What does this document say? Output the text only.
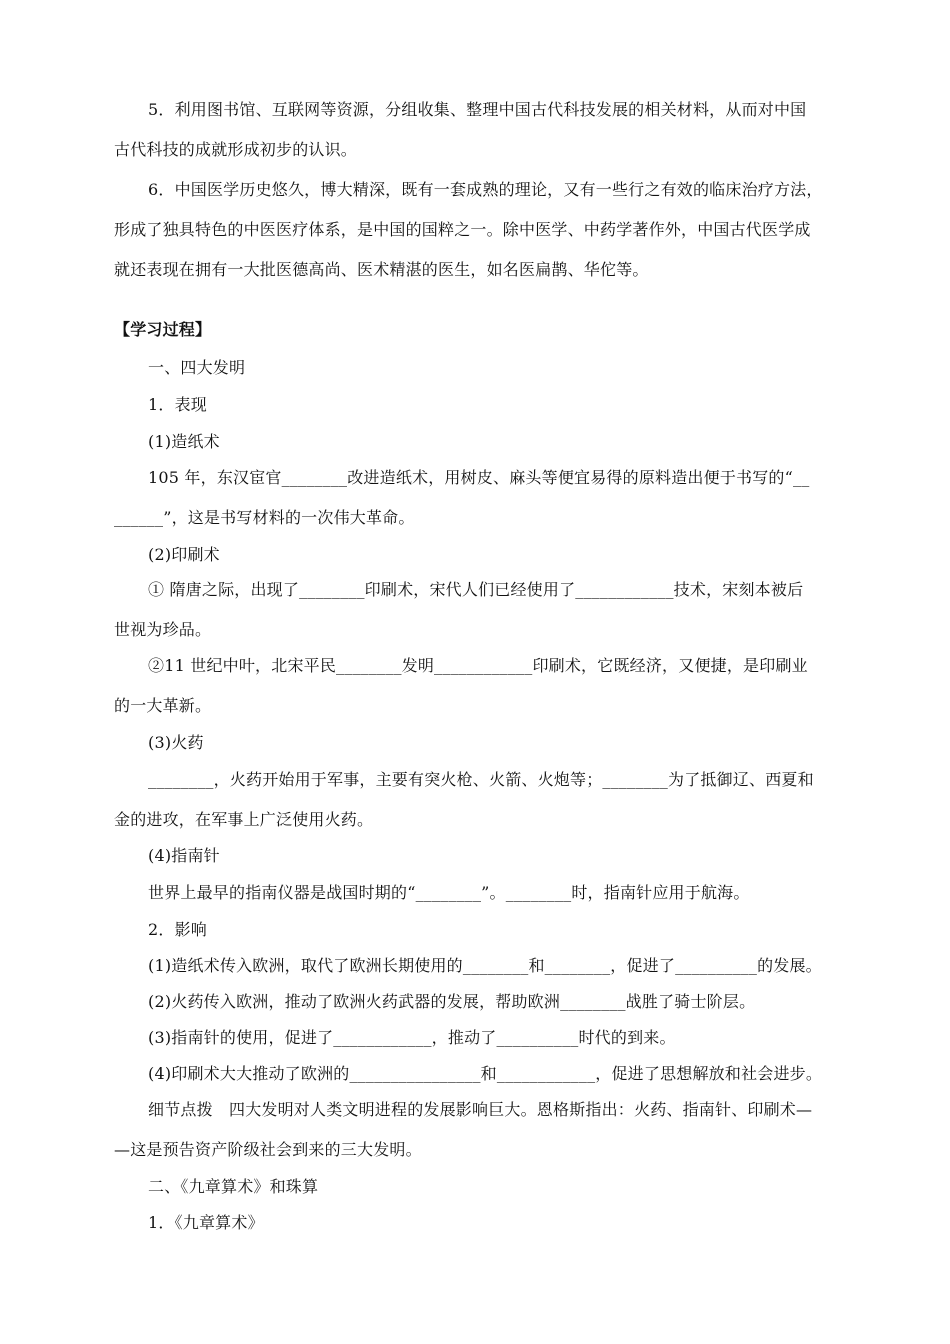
5．利用图书馆、互联网等资源，分组收集、整理中国古代科技发展的相关材料，从而对中国
古代科技的成就形成初步的认识。
6．中国医学历史悠久，博大精深，既有一套成熟的理论，又有一些行之有效的临床治疗方法，
形成了独具特色的中医医疗体系，是中国的国粹之一。除中医学、中药学著作外，中国古代医学成
就还表现在拥有一大批医德高尚、医术精湛的医生，如名医扁鹊、华佗等。
【学习过程】
一、四大发明
1．表现
(1)造纸术
105 年，东汉宦官________改进造纸术，用树皮、麻头等便宜易得的原料造出便于书写的“__
______”，这是书写材料的一次伟大革命。
(2)印刷术
① 隋唐之际，出现了________印刷术，宋代人们已经使用了____________技术，宋刻本被后
世视为珍品。
②11 世纪中叶，北宋平民________发明____________印刷术，它既经济，又便捷，是印刷业
的一大革新。
(3)火药
________，火药开始用于军事，主要有突火枪、火箭、火炮等；________为了抵御辽、西夏和
金的进攻，在军事上广泛使用火药。
(4)指南针
世界上最早的指南仪器是战国时期的“________”。________时，指南针应用于航海。
2．影响
(1)造纸术传入欧洲，取代了欧洲长期使用的________和________，促进了__________的发展。
(2)火药传入欧洲，推动了欧洲火药武器的发展，帮助欧洲________战胜了骑士阶层。
(3)指南针的使用，促进了____________，推动了__________时代的到来。
(4)印刷术大大推动了欧洲的________________和____________，促进了思想解放和社会进步。
细节点拨　四大发明对人类文明进程的发展影响巨大。恩格斯指出：火药、指南针、印刷术—
—这是预告资产阶级社会到来的三大发明。
二、《九章算术》和珠算
1．《九章算术》
